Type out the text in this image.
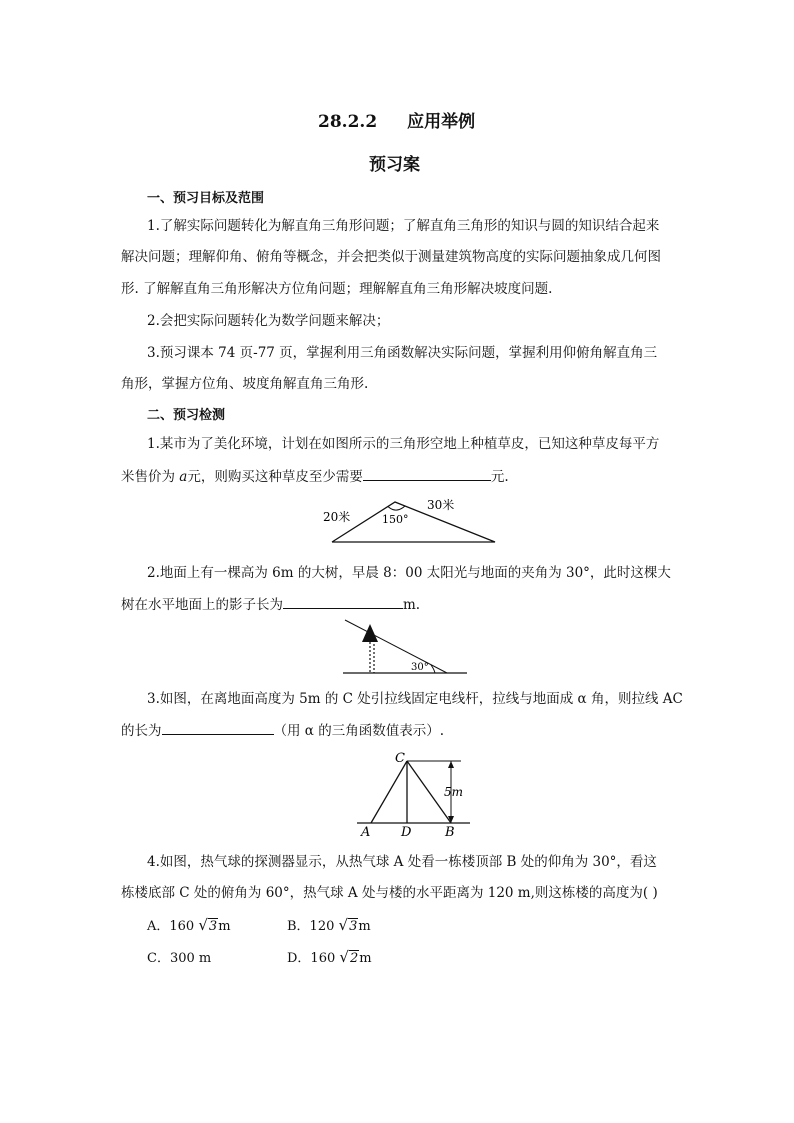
28.2.2 应用举例
预习案
一、预习目标及范围
1.了解实际问题转化为解直角三角形问题；了解直角三角形的知识与圆的知识结合起来
解决问题；理解仰角、俯角等概念，并会把类似于测量建筑物高度的实际问题抽象成几何图
形. 了解解直角三角形解决方位角问题；理解解直角三角形解决坡度问题.
2.会把实际问题转化为数学问题来解决；
3.预习课本 74 页-77 页，掌握利用三角函数解决实际问题，掌握利用仰俯角解直角三
角形，掌握方位角、坡度角解直角三角形.
二、预习检测
1.某市为了美化环境，计划在如图所示的三角形空地上种植草皮，已知这种草皮每平方
米售价为 a元，则购买这种草皮至少需要	元.
20米
30米
150°
2.地面上有一棵高为 6m 的大树，早晨 8：00 太阳光与地面的夹角为 30°，此时这棵大
树在水平地面上的影子长为	m.
30°
3.如图，在离地面高度为 5m 的 C 处引拉线固定电线杆，拉线与地面成 α 角，则拉线 AC
的长为	（用 α 的三角函数值表示）.
C
A D	B
5m
4.如图，热气球的探测器显示，从热气球 A 处看一栋楼顶部 B 处的仰角为 30°，看这
栋楼底部 C 处的俯角为 60°，热气球 A 处与楼的水平距离为 120 m,则这栋楼的高度为( )
A．160 √3m	B．120 √3m
C．300 m	D．160 √2m
